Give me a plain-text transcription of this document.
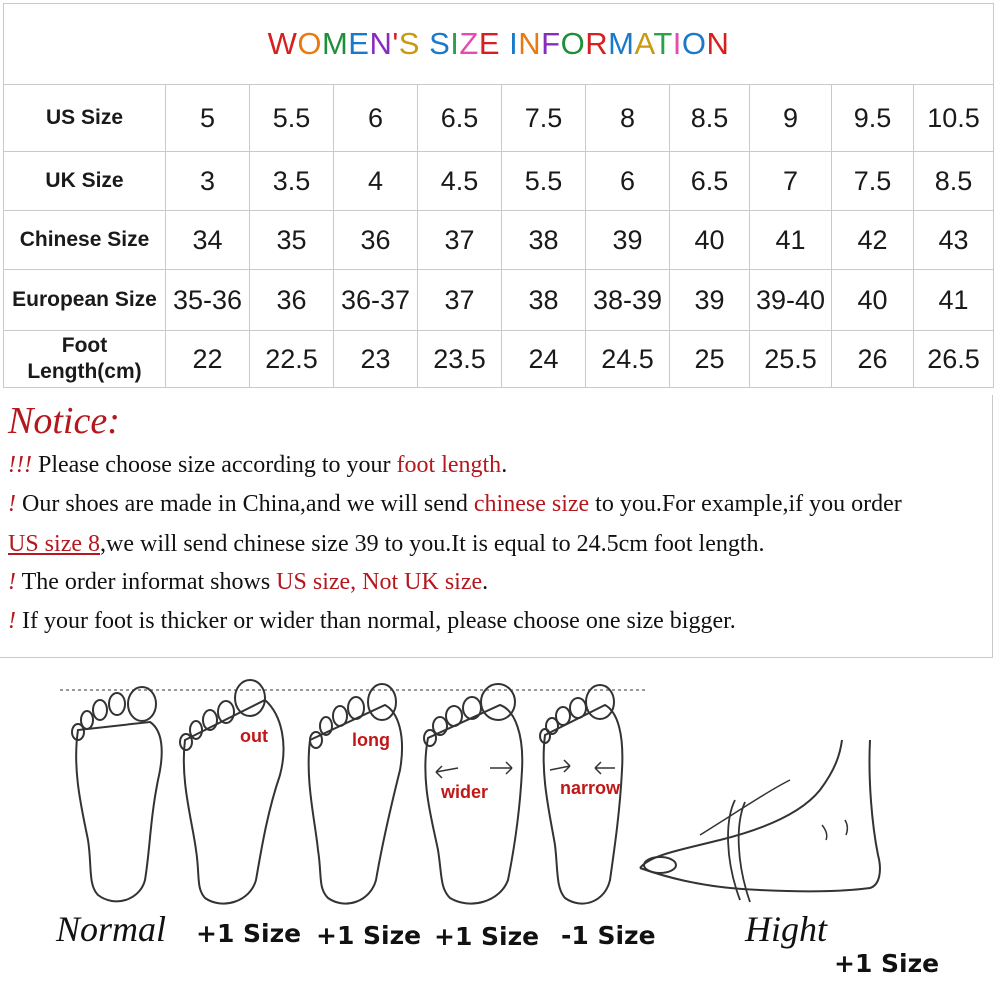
WOMEN'S SIZE INFORMATION										
US Size	5	5.5	6	6.5	7.5	8	8.5	9	9.5	10.5
UK Size	3	3.5	4	4.5	5.5	6	6.5	7	7.5	8.5
Chinese Size	34	35	36	37	38	39	40	41	42	43
European Size	35-36	36	36-37	37	38	38-39	39	39-40	40	41
Foot
Length(cm)	22	22.5	23	23.5	24	24.5	25	25.5	26	26.5
Notice:
!!! Please choose size according to your foot length.
! Our shoes are made in China,and we will send chinese size to you.For example,if you order
US size 8,we will send chinese size 39 to you.It is equal to 24.5cm foot length.
! The order informat shows US size, Not UK size.
! If your foot is thicker or wider than normal, please choose one size bigger.
out	long
wider	narrow
Normal +1 Size +1 Size +1 Size -1 Size Hight
+1 Size
